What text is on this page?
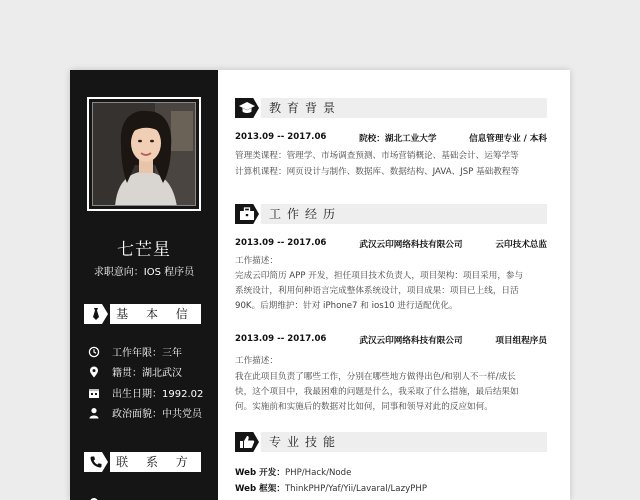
七芒星
求职意向：IOS 程序员
基 本 信
工作年限：三年
籍贯：湖北武汉
出生日期：1992.02
政治面貌：中共党员
联 系 方
教育背景
2013.09 -- 2017.06	院校：湖北工业大学	信息管理专业 / 本科
管理类课程：管理学、市场调查预测、市场营销概论、基础会计、运筹学等
计算机课程：网页设计与制作、数据库、数据结构、JAVA、JSP 基础教程等
工作经历
2013.09 -- 2017.06	武汉云印网络科技有限公司	云印技术总监
工作描述：
完成云印简历 APP 开发，担任项目技术负责人，项目架构：项目采用，参与
系统设计，利用何种语言完成整体系统设计，项目成果：项目已上线，日活
90K。后期维护：针对 iPhone7 和 ios10 进行适配优化。
2013.09 -- 2017.06	武汉云印网络科技有限公司	项目组程序员
工作描述：
我在此项目负责了哪些工作，分别在哪些地方做得出色/和别人不一样/成长
快，这个项目中，我最困难的问题是什么，我采取了什么措施，最后结果如
何。实施前和实施后的数据对比如何，同事和领导对此的反应如何。
专业技能
Web 开发：PHP/Hack/Node
Web 框架：ThinkPHP/Yaf/Yii/Lavaral/LazyPHP
